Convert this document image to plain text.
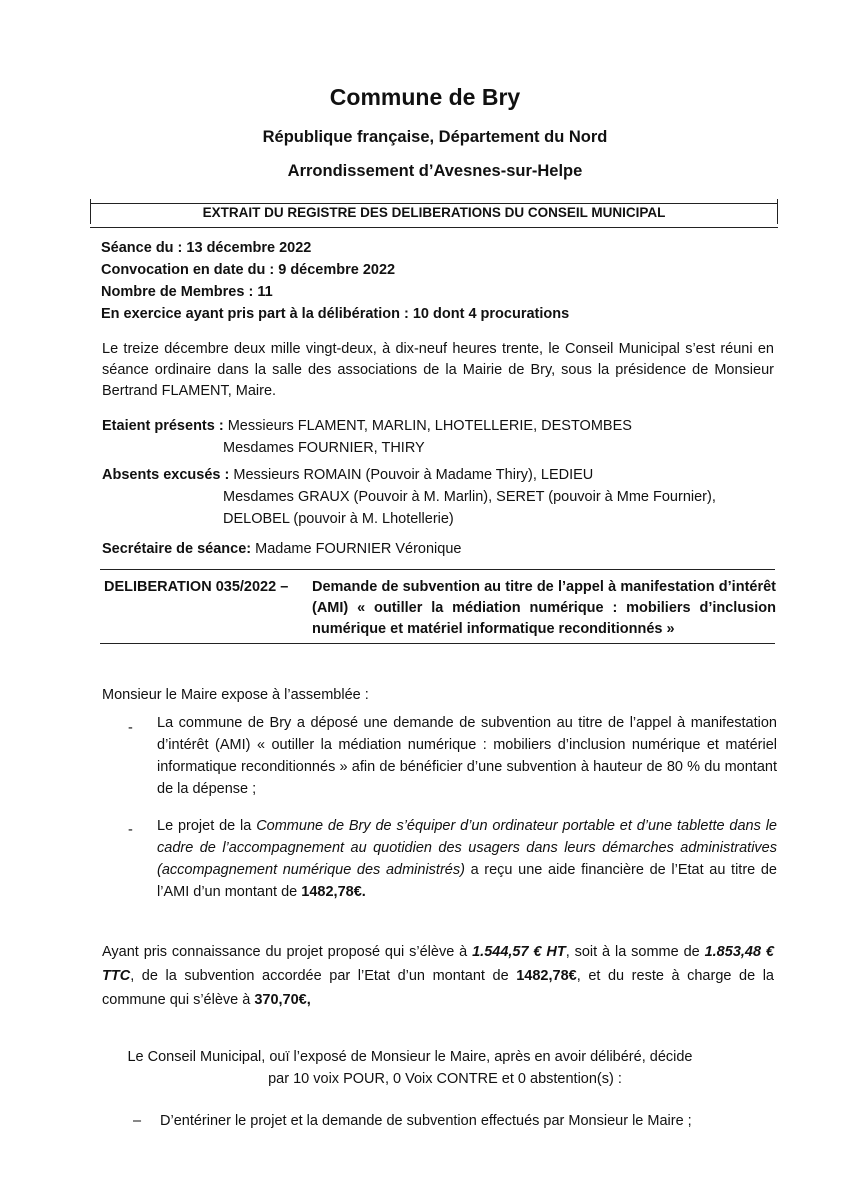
Commune de Bry
République française, Département du Nord
Arrondissement d’Avesnes-sur-Helpe
EXTRAIT DU REGISTRE DES DELIBERATIONS DU CONSEIL MUNICIPAL
Séance du : 13 décembre 2022
Convocation en date du : 9 décembre 2022
Nombre de Membres : 11
En exercice ayant pris part à la délibération : 10 dont 4 procurations
Le treize décembre deux mille vingt-deux, à dix-neuf heures trente, le Conseil Municipal s’est réuni en séance ordinaire dans la salle des associations de la Mairie de Bry, sous la présidence de Monsieur Bertrand FLAMENT, Maire.
Etaient présents : Messieurs FLAMENT, MARLIN, LHOTELLERIE, DESTOMBES
Mesdames FOURNIER, THIRY
Absents excusés : Messieurs ROMAIN (Pouvoir à Madame Thiry), LEDIEU
Mesdames GRAUX (Pouvoir à M. Marlin), SERET (pouvoir à Mme Fournier),
DELOBEL (pouvoir à M. Lhotellerie)
Secrétaire de séance: Madame FOURNIER Véronique
DELIBERATION 035/2022 –	Demande de subvention au titre de l’appel à manifestation d’intérêt (AMI) « outiller la médiation numérique : mobiliers d’inclusion numérique et matériel informatique reconditionnés »
Monsieur le Maire expose à l’assemblée :
- La commune de Bry a déposé une demande de subvention au titre de l’appel à manifestation d’intérêt (AMI) « outiller la médiation numérique : mobiliers d’inclusion numérique et matériel informatique reconditionnés » afin de bénéficier d’une subvention à hauteur de 80 % du montant de la dépense ;
- Le projet de la Commune de Bry de s’équiper d’un ordinateur portable et d’une tablette dans le cadre de l’accompagnement au quotidien des usagers dans leurs démarches administratives (accompagnement numérique des administrés) a reçu une aide financière de l’Etat au titre de l’AMI d’un montant de 1482,78€.
Ayant pris connaissance du projet proposé qui s’élève à 1.544,57 € HT, soit à la somme de 1.853,48 € TTC, de la subvention accordée par l’Etat d’un montant de 1482,78€, et du reste à charge de la commune qui s’élève à 370,70€,
Le Conseil Municipal, ouï l’exposé de Monsieur le Maire, après en avoir délibéré, décide
par 10 voix POUR, 0 Voix CONTRE et 0 abstention(s) :
– D’entériner le projet et la demande de subvention effectués par Monsieur le Maire ;
